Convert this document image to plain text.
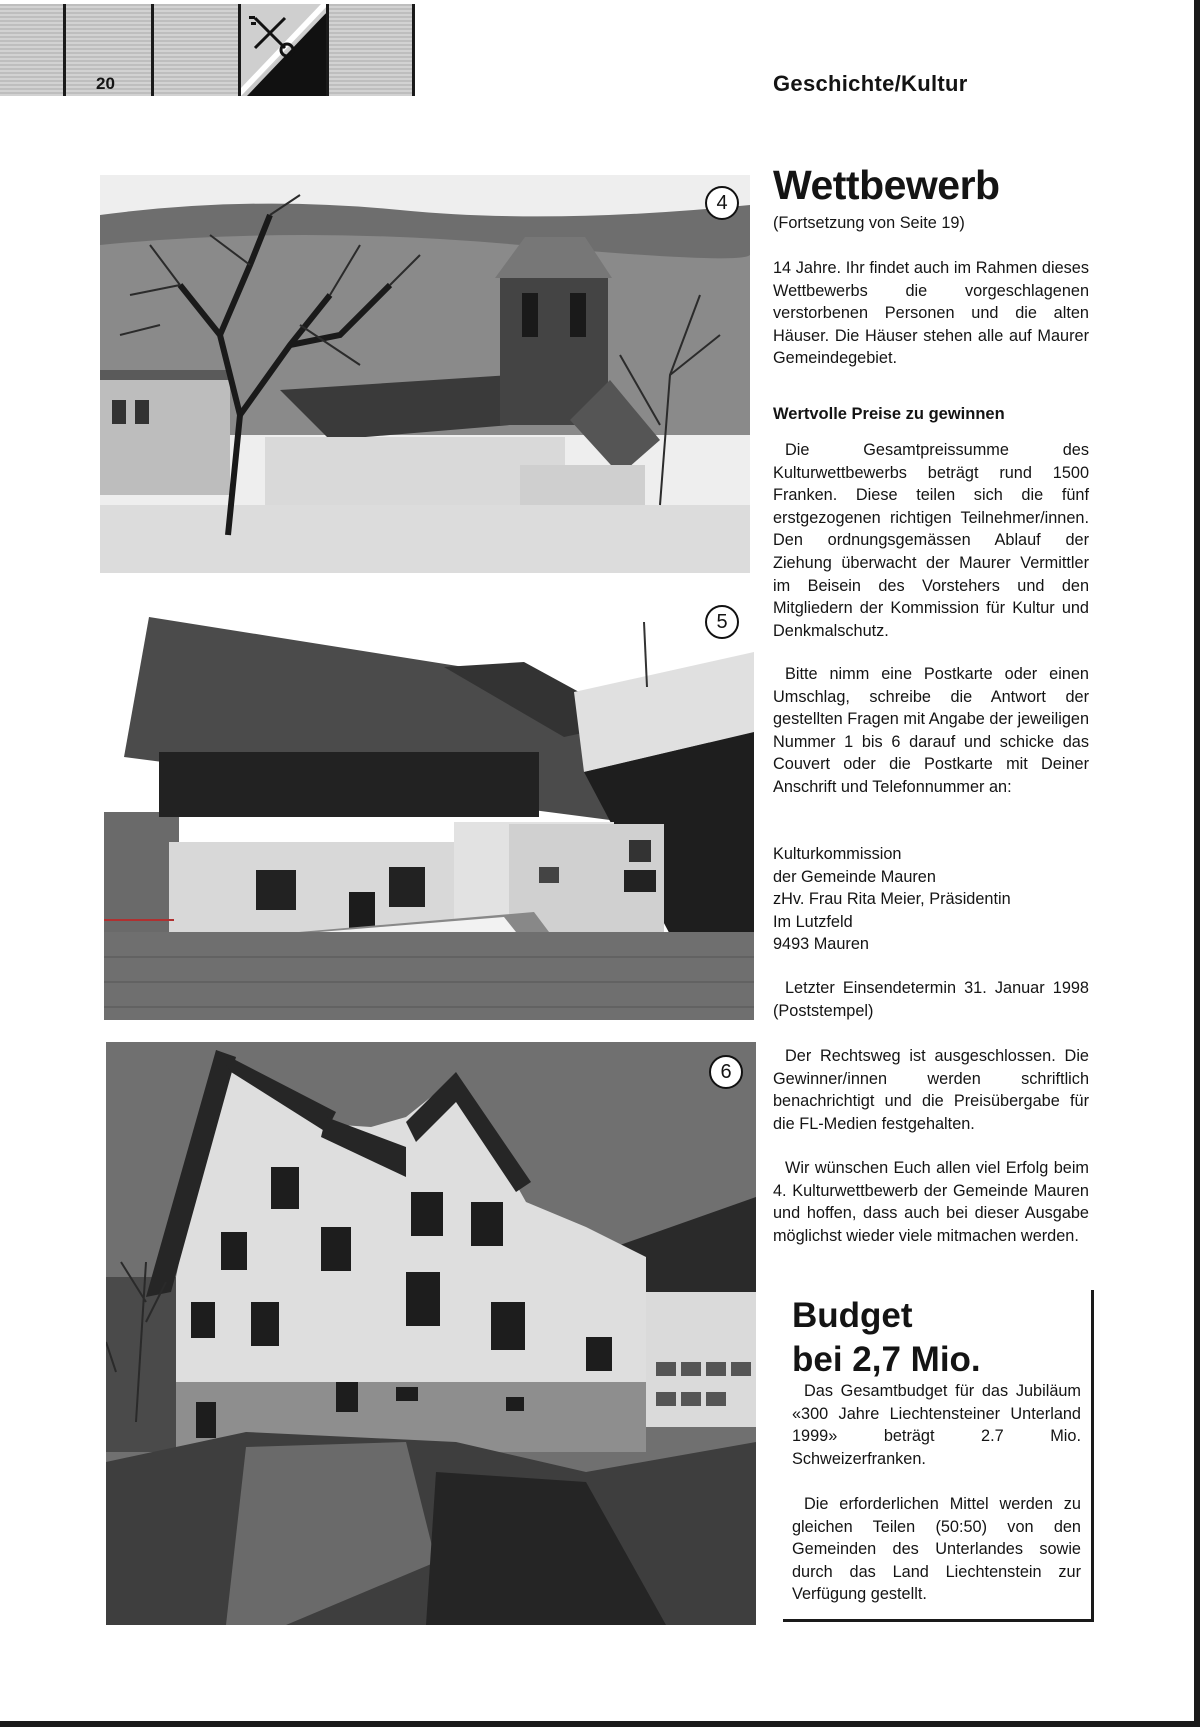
20	Geschichte/Kultur
4
5
6
Wettbewerb
(Fortsetzung von Seite 19)

14 Jahre. Ihr findet auch im Rahmen dieses Wettbewerbs die vorgeschlagenen verstorbenen Personen und die alten Häuser. Die Häuser stehen alle auf Maurer Gemeindegebiet.

Wertvolle Preise zu gewinnen

Die Gesamtpreissumme des Kulturwettbewerbs beträgt rund 1500 Franken. Diese teilen sich die fünf erstgezogenen richtigen Teilnehmer/innen. Den ordnungsgemässen Ablauf der Ziehung überwacht der Maurer Vermittler im Beisein des Vorstehers und den Mitgliedern der Kommission für Kultur und Denkmalschutz.

Bitte nimm eine Postkarte oder einen Umschlag, schreibe die Antwort der gestellten Fragen mit Angabe der jeweiligen Nummer 1 bis 6 darauf und schicke das Couvert oder die Postkarte mit Deiner Anschrift und Telefonnummer an:

Kulturkommission
der Gemeinde Mauren
zHv. Frau Rita Meier, Präsidentin
Im Lutzfeld
9493 Mauren

Letzter Einsendetermin 31. Januar 1998 (Poststempel)

Der Rechtsweg ist ausgeschlossen. Die Gewinner/innen werden schriftlich benachrichtigt und die Preisübergabe für die FL-Medien festgehalten.

Wir wünschen Euch allen viel Erfolg beim 4. Kulturwettbewerb der Gemeinde Mauren und hoffen, dass auch bei dieser Ausgabe möglichst wieder viele mitmachen werden.

Budget
bei 2,7 Mio.

Das Gesamtbudget für das Jubiläum «300 Jahre Liechtensteiner Unterland 1999» beträgt 2.7 Mio. Schweizerfranken.

Die erforderlichen Mittel werden zu gleichen Teilen (50:50) von den Gemeinden des Unterlandes sowie durch das Land Liechtenstein zur Verfügung gestellt.
